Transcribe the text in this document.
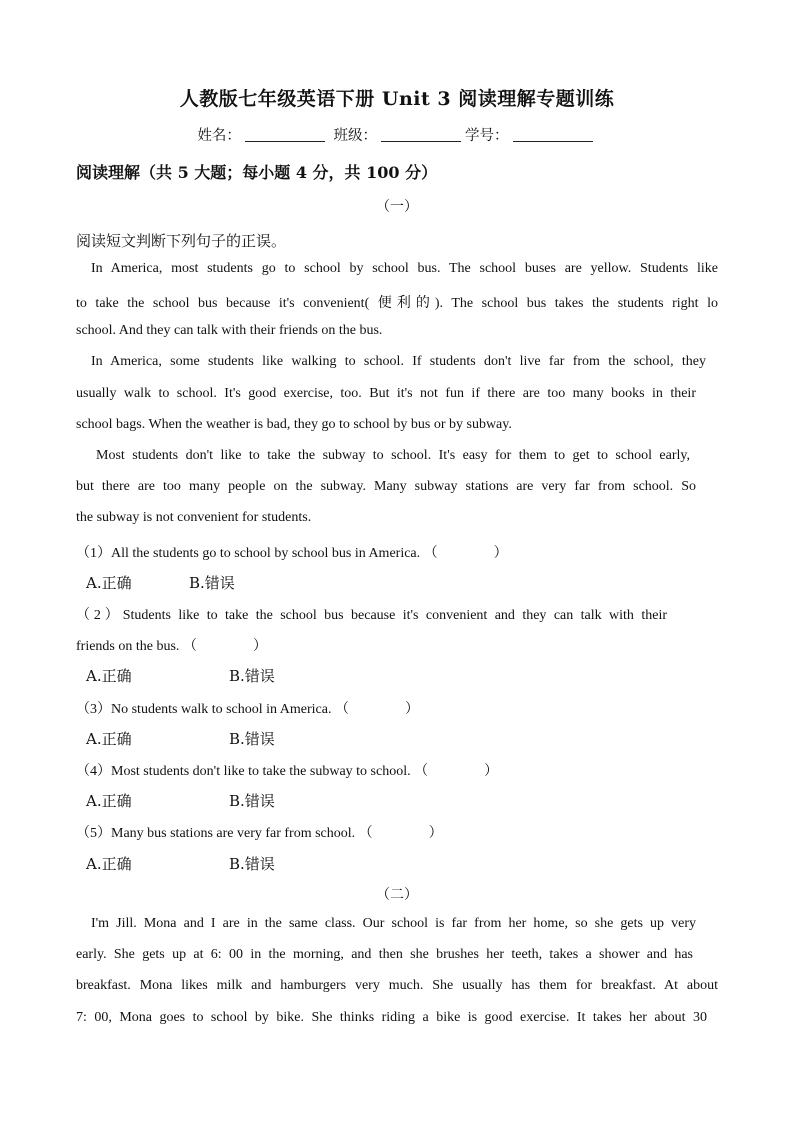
人教版七年级英语下册 Unit 3 阅读理解专题训练
姓名：	班级：	学号：
阅读理解（共 5 大题；每小题 4 分，共 100 分）
（一）
阅读短文判断下列句子的正误。
In America, most students go to school by school bus. The school buses are yellow. Students like
to take the school bus because it's convenient( 便利的). The school bus takes the students right lo
school. And they can talk with their friends on the bus.
In America, some students like walking to school. If students don't live far from the school, they
usually walk to school. It's good exercise, too. But it's not fun if there are too many books in their
school bags. When the weather is bad, they go to school by bus or by subway.
Most students don't like to take the subway to school. It's easy for them to get to school early,
but there are too many people on the subway. Many subway stations are very far from school. So
the subway is not convenient for students.
（1）All the students go to school by school bus in America. （	）
A.正确	B.错误
（2）Students like to take the school bus because it's convenient and they can talk with their
friends on the bus. （	）
A.正确	B.错误
（3）No students walk to school in America. （	）
A.正确	B.错误
（4）Most students don't like to take the subway to school. （	）
A.正确	B.错误
（5）Many bus stations are very far from school. （	）
A.正确	B.错误
（二）
I'm Jill. Mona and I are in the same class. Our school is far from her home, so she gets up very
early. She gets up at 6: 00 in the morning, and then she brushes her teeth, takes a shower and has
breakfast. Mona likes milk and hamburgers very much. She usually has them for breakfast. At about
7: 00, Mona goes to school by bike. She thinks riding a bike is good exercise. It takes her about 30
